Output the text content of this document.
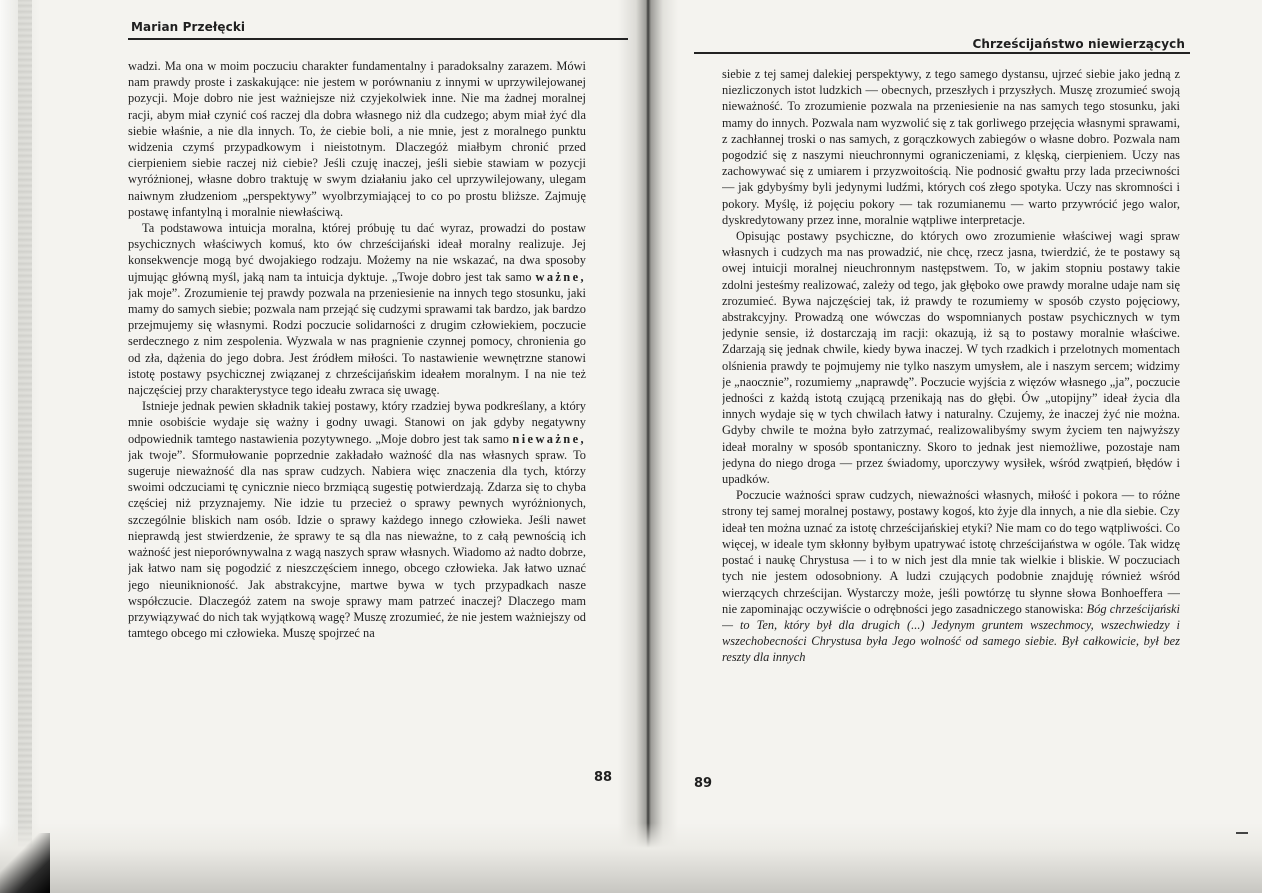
Marian Przełęcki

wadzi. Ma ona w moim poczuciu charakter fundamentalny i paradoksalny zarazem. Mówi nam prawdy proste i zaskakujące: nie jestem w porównaniu z innymi w uprzywilejowanej pozycji. Moje dobro nie jest ważniejsze niż czyjekolwiek inne. Nie ma żadnej moralnej racji, abym miał czynić coś raczej dla dobra własnego niż dla cudzego; abym miał żyć dla siebie właśnie, a nie dla innych. To, że ciebie boli, a nie mnie, jest z moralnego punktu widzenia czymś przypadkowym i nieistotnym. Dlaczegóż miałbym chronić przed cierpieniem siebie raczej niż ciebie? Jeśli czuję inaczej, jeśli siebie stawiam w pozycji wyróżnionej, własne dobro traktuję w swym działaniu jako cel uprzywilejowany, ulegam naiwnym złudzeniom „perspektywy” wyolbrzymiającej to co po prostu bliższe. Zajmuję postawę infantylną i moralnie niewłaściwą.

Ta podstawowa intuicja moralna, której próbuję tu dać wyraz, prowadzi do postaw psychicznych właściwych komuś, kto ów chrześcijański ideał moralny realizuje. Jej konsekwencje mogą być dwojakiego rodzaju. Możemy na nie wskazać, na dwa sposoby ujmując główną myśl, jaką nam ta intuicja dyktuje. „Twoje dobro jest tak samo ważne, jak moje”. Zrozumienie tej prawdy pozwala na przeniesienie na innych tego stosunku, jaki mamy do samych siebie; pozwala nam przejąć się cudzymi sprawami tak bardzo, jak bardzo przejmujemy się własnymi. Rodzi poczucie solidarności z drugim człowiekiem, poczucie serdecznego z nim zespolenia. Wyzwala w nas pragnienie czynnej pomocy, chronienia go od zła, dążenia do jego dobra. Jest źródłem miłości. To nastawienie wewnętrzne stanowi istotę postawy psychicznej związanej z chrześcijańskim ideałem moralnym. I na nie też najczęściej przy charakterystyce tego ideału zwraca się uwagę.

Istnieje jednak pewien składnik takiej postawy, który rzadziej bywa podkreślany, a który mnie osobiście wydaje się ważny i godny uwagi. Stanowi on jak gdyby negatywny odpowiednik tamtego nastawienia pozytywnego. „Moje dobro jest tak samo nieważne, jak twoje”. Sformułowanie poprzednie zakładało ważność dla nas własnych spraw. To sugeruje nieważność dla nas spraw cudzych. Nabiera więc znaczenia dla tych, którzy swoimi odczuciami tę cynicznie nieco brzmiącą sugestię potwierdzają. Zdarza się to chyba częściej niż przyznajemy. Nie idzie tu przecież o sprawy pewnych wyróżnionych, szczególnie bliskich nam osób. Idzie o sprawy każdego innego człowieka. Jeśli nawet nieprawdą jest stwierdzenie, że sprawy te są dla nas nieważne, to z całą pewnością ich ważność jest nieporównywalna z wagą naszych spraw własnych. Wiadomo aż nadto dobrze, jak łatwo nam się pogodzić z nieszczęściem innego, obcego człowieka. Jak łatwo uznać jego nieuniknioność. Jak abstrakcyjne, martwe bywa w tych przypadkach nasze współczucie. Dlaczegóż zatem na swoje sprawy mam patrzeć inaczej? Dlaczego mam przywiązywać do nich tak wyjątkową wagę? Muszę zrozumieć, że nie jestem ważniejszy od tamtego obcego mi człowieka. Muszę spojrzeć na

88
Chrześcijaństwo niewierzących

siebie z tej samej dalekiej perspektywy, z tego samego dystansu, ujrzeć siebie jako jedną z niezliczonych istot ludzkich — obecnych, przeszłych i przyszłych. Muszę zrozumieć swoją nieważność. To zrozumienie pozwala na przeniesienie na nas samych tego stosunku, jaki mamy do innych. Pozwala nam wyzwolić się z tak gorliwego przejęcia własnymi sprawami, z zachłannej troski o nas samych, z gorączkowych zabiegów o własne dobro. Pozwala nam pogodzić się z naszymi nieuchronnymi ograniczeniami, z klęską, cierpieniem. Uczy nas zachowywać się z umiarem i przyzwoitością. Nie podnosić gwałtu przy lada przeciwności — jak gdybyśmy byli jedynymi ludźmi, których coś złego spotyka. Uczy nas skromności i pokory. Myślę, iż pojęciu pokory — tak rozumianemu — warto przywrócić jego walor, dyskredytowany przez inne, moralnie wątpliwe interpretacje.

Opisując postawy psychiczne, do których owo zrozumienie właściwej wagi spraw własnych i cudzych ma nas prowadzić, nie chcę, rzecz jasna, twierdzić, że te postawy są owej intuicji moralnej nieuchronnym następstwem. To, w jakim stopniu postawy takie zdolni jesteśmy realizować, zależy od tego, jak głęboko owe prawdy moralne udaje nam się zrozumieć. Bywa najczęściej tak, iż prawdy te rozumiemy w sposób czysto pojęciowy, abstrakcyjny. Prowadzą one wówczas do wspomnianych postaw psychicznych w tym jedynie sensie, iż dostarczają im racji: okazują, iż są to postawy moralnie właściwe. Zdarzają się jednak chwile, kiedy bywa inaczej. W tych rzadkich i przelotnych momentach olśnienia prawdy te pojmujemy nie tylko naszym umysłem, ale i naszym sercem; widzimy je „naocznie”, rozumiemy „naprawdę”. Poczucie wyjścia z więzów własnego „ja”, poczucie jedności z każdą istotą czującą przenikają nas do głębi. Ów „utopijny” ideał życia dla innych wydaje się w tych chwilach łatwy i naturalny. Czujemy, że inaczej żyć nie można. Gdyby chwile te można było zatrzymać, realizowalibyśmy swym życiem ten najwyższy ideał moralny w sposób spontaniczny. Skoro to jednak jest niemożliwe, pozostaje nam jedyna do niego droga — przez świadomy, uporczywy wysiłek, wśród zwątpień, błędów i upadków.

Poczucie ważności spraw cudzych, nieważności własnych, miłość i pokora — to różne strony tej samej moralnej postawy, postawy kogoś, kto żyje dla innych, a nie dla siebie. Czy ideał ten można uznać za istotę chrześcijańskiej etyki? Nie mam co do tego wątpliwości. Co więcej, w ideale tym skłonny byłbym upatrywać istotę chrześcijaństwa w ogóle. Tak widzę postać i naukę Chrystusa — i to w nich jest dla mnie tak wielkie i bliskie. W poczuciach tych nie jestem odosobniony. A ludzi czujących podobnie znajduję również wśród wierzących chrześcijan. Wystarczy może, jeśli powtórzę tu słynne słowa Bonhoeffera — nie zapominając oczywiście o odrębności jego zasadniczego stanowiska: Bóg chrześcijański — to Ten, który był dla drugich (...) Jedynym gruntem wszechmocy, wszechwiedzy i wszechobecności Chrystusa była Jego wolność od samego siebie. Był całkowicie, był bez reszty dla innych

89
